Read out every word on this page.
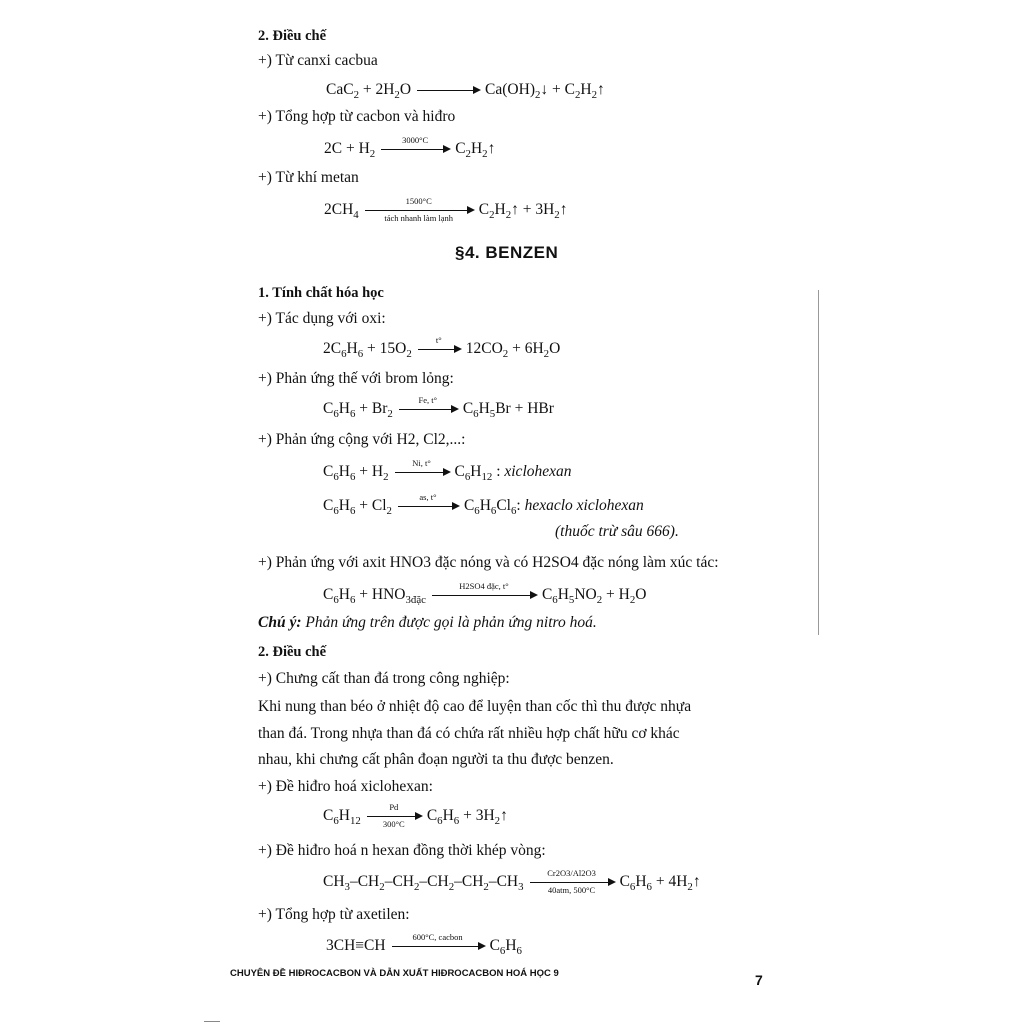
2. Điều chế
+) Từ canxi cacbua
$CaC_2 + 2H_2O$	$Ca(OH)_2↓$ + $C_2H_2↑$
+) Tổng hợp từ cacbon và hiđro
$2C + H_2$
3000°C
$C_2H_2↑$
+) Từ khí metan
$2CH_4$
1500°C
tách nhanh làm lạnh	$C_2H_2↑$ + $3H_2↑$
§4. BENZEN
1. Tính chất hóa học
+) Tác dụng với oxi:
$2C_6H_6 + 15O_2$
t°
$12CO_2 + 6H_2O$
+) Phản ứng thế với brom lỏng:
$C_6H_6 + Br_2$
Fe, t°
$C_6H_5Br$ + HBr
+) Phản ứng cộng với H2, Cl2,...:
$C_6H_6 + H_2$
Ni, t°
$C_6H_{12}$ : xiclohexan
$C_6H_6 + Cl_2$
as, t°
$C_6H_6Cl_6$: hexaclo xiclohexan
(thuốc trừ sâu 666).
+) Phản ứng với axit HNO3 đặc nóng và có H2SO4 đặc nóng làm xúc tác:
$C_6H_6 + HNO_{3đặc}$
H2SO4 đặc, t°
$C_6H_5NO_2 + H_2O$
Chú ý: Phản ứng trên được gọi là phản ứng nitro hoá.
2. Điều chế
+) Chưng cất than đá trong công nghiệp:
Khi nung than béo ở nhiệt độ cao để luyện than cốc thì thu được nhựa
than đá. Trong nhựa than đá có chứa rất nhiều hợp chất hữu cơ khác
nhau, khi chưng cất phân đoạn người ta thu được benzen.
+) Đề hiđro hoá xiclohexan:
$C_6H_{12} \frac{Pd}{300^\circ C} C_6H_6$ + $3H_2↑$
+) Đề hiđro hoá n hexan đồng thời khép vòng:
$CH_3-CH_2-CH_2-CH_2-CH_2-CH_3$
Cr2O3/Al2O3
40atm, 500°C	$C_6H_6$ + $4H_2↑$
+) Tổng hợp từ axetilen:
3CH≡CH
600°C, cacbon
$C_6H_6$
CHUYÊN ĐỀ HIĐROCACBON VÀ DẪN XUẤT HIĐROCACBON HOÁ HỌC 9	7
